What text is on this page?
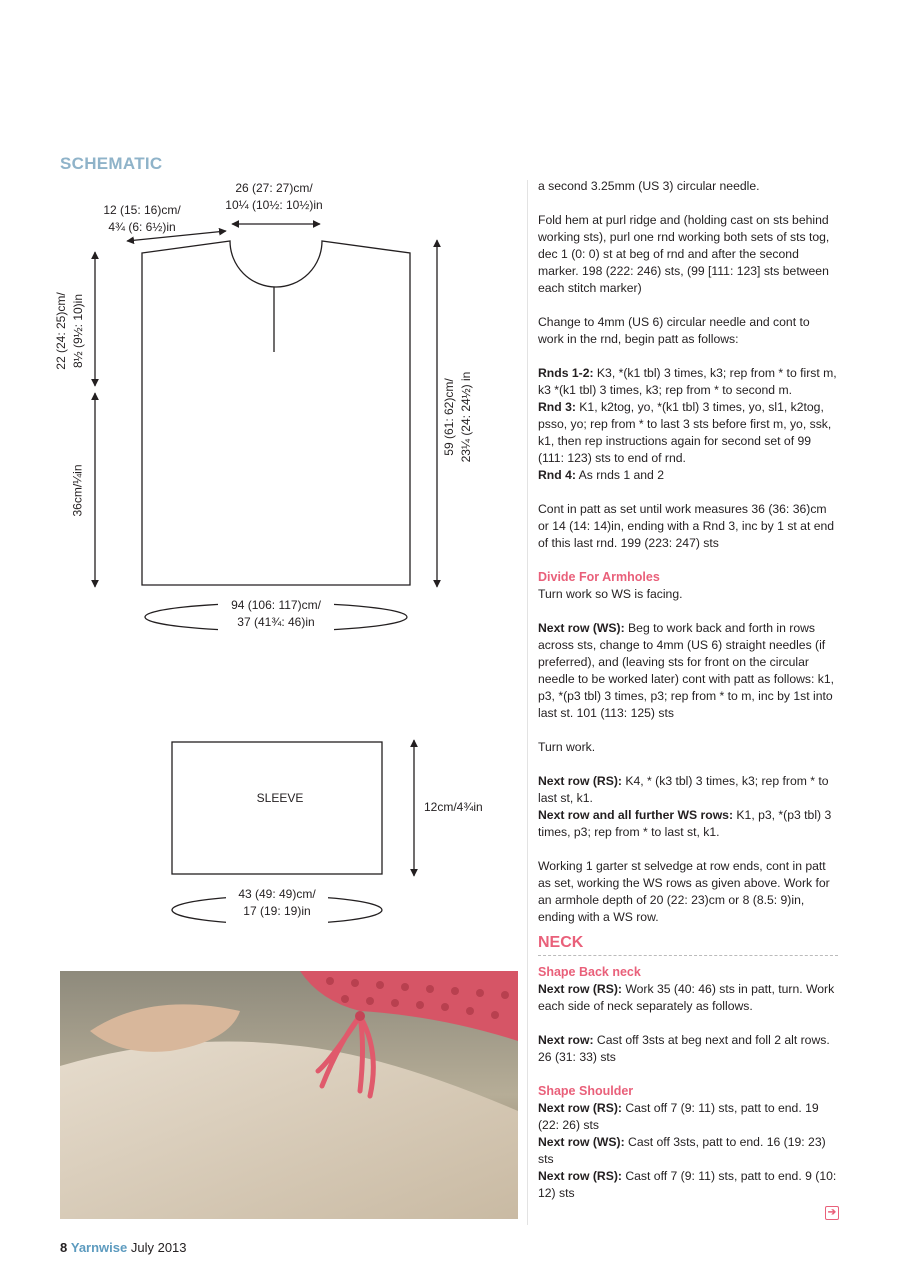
SCHEMATIC
26 (27: 27)cm/
10¼ (10½: 10½)in
12 (15: 16)cm/
4¾ (6: 6½)in
22 (24: 25)cm/ 8½ (9½: 10)in
36cm/¼in
59 (61: 62)cm/ 23¼ (24: 24½) in
94 (106: 117)cm/
37 (41¾: 46)in
SLEEVE
12cm/4¾in
43 (49: 49)cm/
17 (19: 19)in

a second 3.25mm (US 3) circular needle.

Fold hem at purl ridge and (holding cast on sts behind working sts), purl one rnd working both sets of sts tog, dec 1 (0: 0) st at beg of rnd and after the second marker. 198 (222: 246) sts, (99 [111: 123] sts between each stitch marker)

Change to 4mm (US 6) circular needle and cont to work in the rnd, begin patt as follows:

Rnds 1-2: K3, *(k1 tbl) 3 times, k3; rep from * to first m, k3 *(k1 tbl) 3 times, k3; rep from * to second m.

Rnd 3: K1, k2tog, yo, *(k1 tbl) 3 times, yo, sl1, k2tog, psso, yo; rep from * to last 3 sts before first m, yo, ssk, k1, then rep instructions again for second set of 99 (111: 123) sts to end of rnd.

Rnd 4: As rnds 1 and 2

Cont in patt as set until work measures 36 (36: 36)cm or 14 (14: 14)in, ending with a Rnd 3, inc by 1 st at end of this last rnd. 199 (223: 247) sts

Divide For Armholes

Turn work so WS is facing.

Next row (WS): Beg to work back and forth in rows across sts, change to 4mm (US 6) straight needles (if preferred), and (leaving sts for front on the circular needle to be worked later) cont with patt as follows: k1, p3, *(p3 tbl) 3 times, p3; rep from * to m, inc by 1st into last st. 101 (113: 125) sts

Turn work.

Next row (RS): K4, * (k3 tbl) 3 times, k3; rep from * to last st, k1.

Next row and all further WS rows: K1, p3, *(p3 tbl) 3 times, p3; rep from * to last st, k1.

Working 1 garter st selvedge at row ends, cont in patt as set, working the WS rows as given above. Work for an armhole depth of 20 (22: 23)cm or 8 (8.5: 9)in, ending with a WS row.

NECK
Shape Back neck

Next row (RS): Work 35 (40: 46) sts in patt, turn. Work each side of neck separately as follows.

Next row: Cast off 3sts at beg next and foll 2 alt rows. 26 (31: 33) sts

Shape Shoulder

Next row (RS): Cast off 7 (9: 11) sts, patt to end. 19 (22: 26) sts

Next row (WS): Cast off 3sts, patt to end. 16 (19: 23) sts

Next row (RS): Cast off 7 (9: 11) sts, patt to end. 9 (10: 12) sts

➔
8 Yarnwise July 2013
